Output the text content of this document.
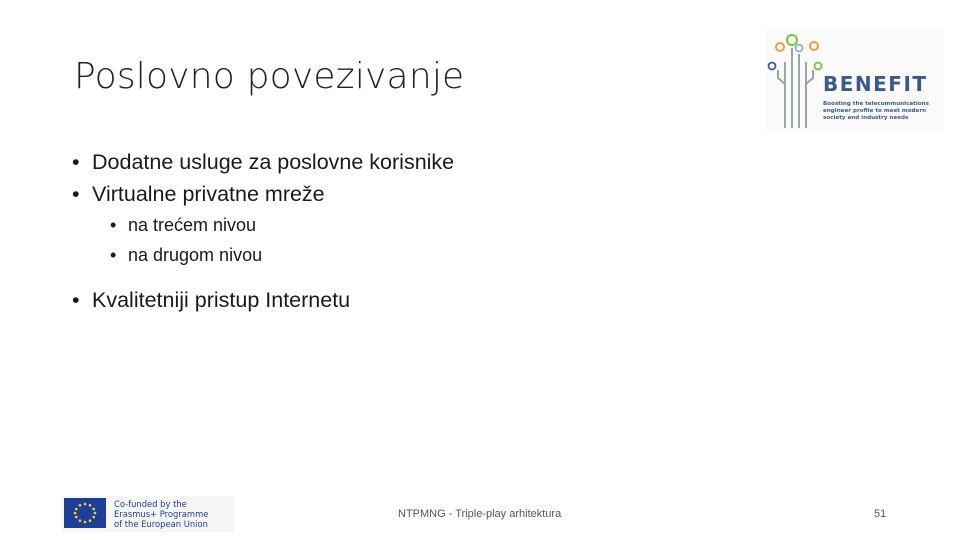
Poslovno povezivanje	BENEFIT
Boosting the telecommunications engineer profile to meet modern society and industry needs
• Dodatne usluge za poslovne korisnike
• Virtualne privatne mreže
• na trećem nivou
• na drugom nivou
• Kvalitetniji pristup Internetu
Co-funded by the
Erasmus+ Programme
of the European Union
NTPMNG - Triple-play arhitektura	51
